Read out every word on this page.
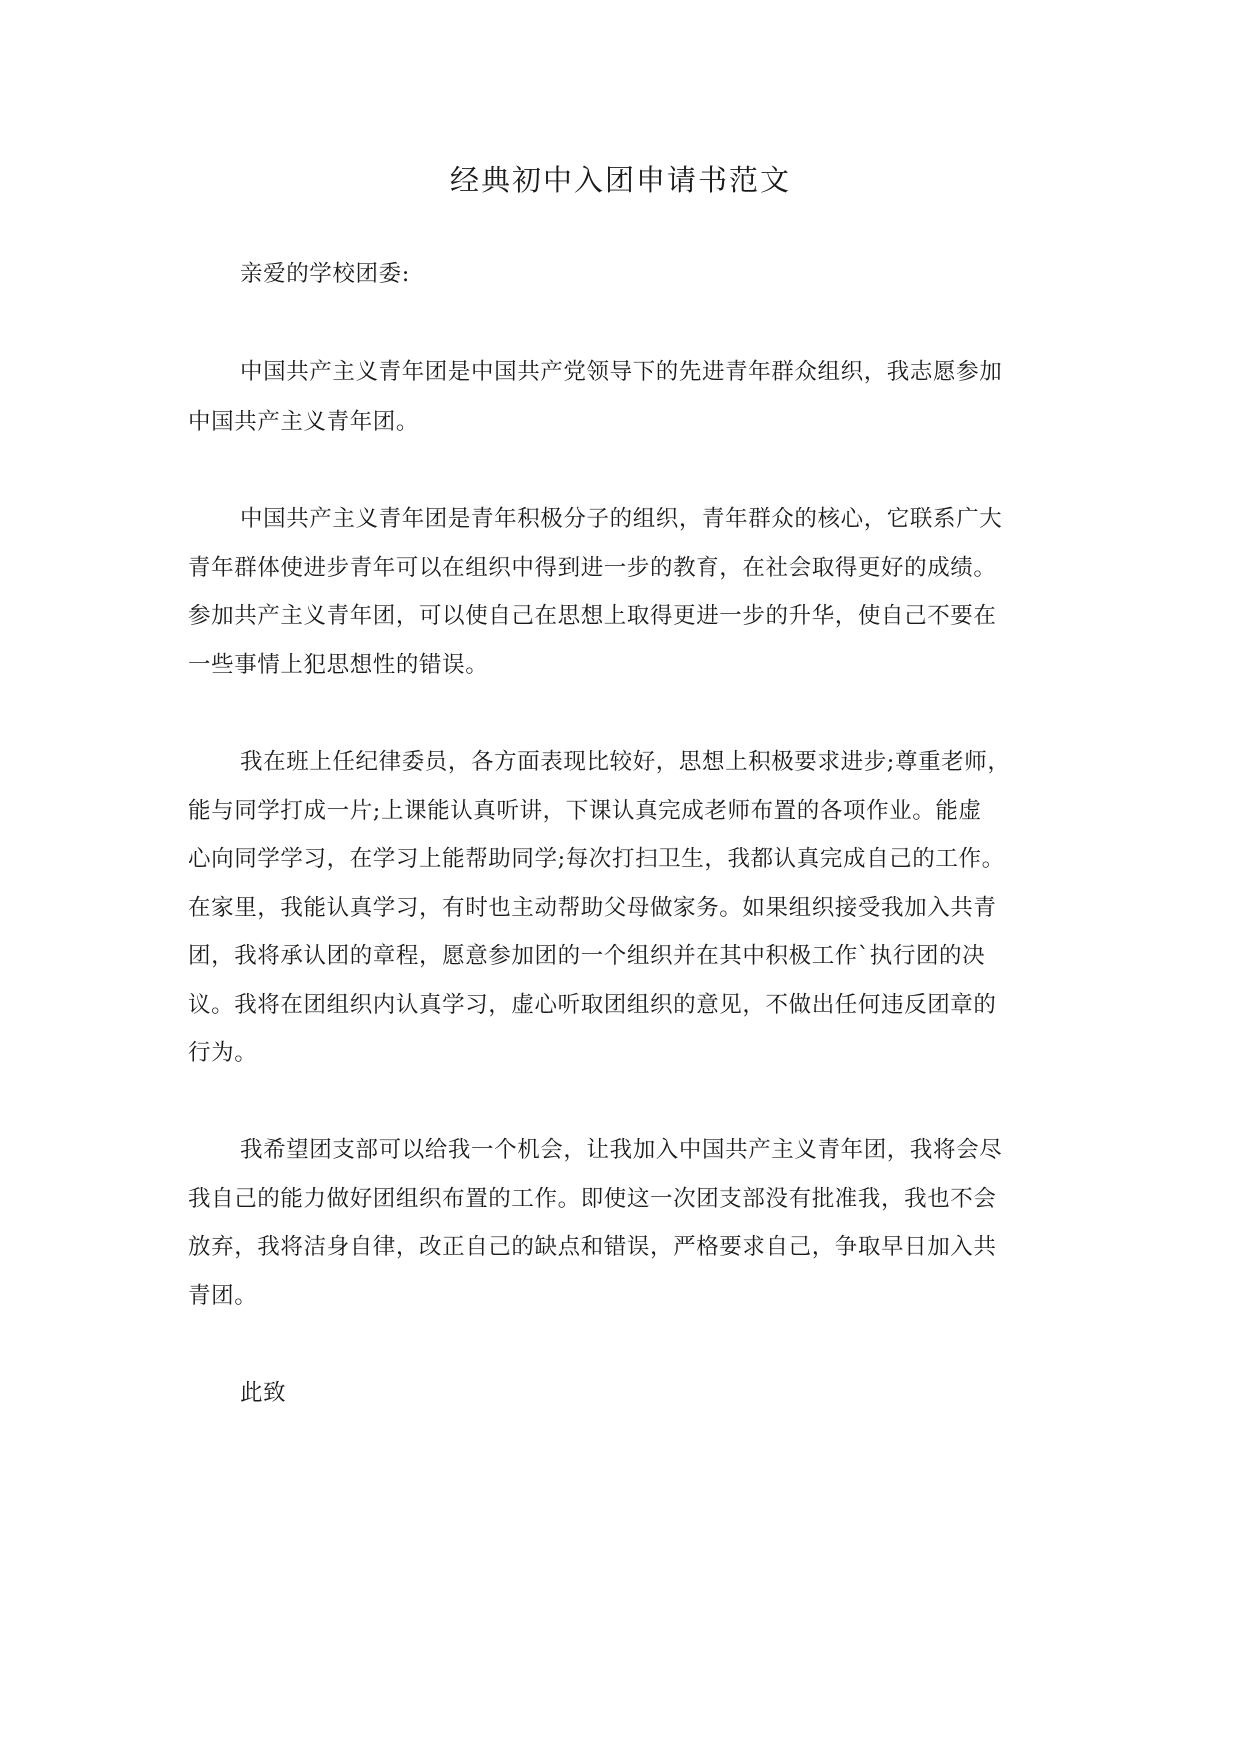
经典初中入团申请书范文
亲爱的学校团委:
中国共产主义青年团是中国共产党领导下的先进青年群众组织，我志愿参加
中国共产主义青年团。
中国共产主义青年团是青年积极分子的组织，青年群众的核心，它联系广大
青年群体使进步青年可以在组织中得到进一步的教育，在社会取得更好的成绩。
参加共产主义青年团，可以使自己在思想上取得更进一步的升华，使自己不要在
一些事情上犯思想性的错误。
我在班上任纪律委员，各方面表现比较好，思想上积极要求进步;尊重老师，
能与同学打成一片;上课能认真听讲，下课认真完成老师布置的各项作业。能虚
心向同学学习，在学习上能帮助同学;每次打扫卫生，我都认真完成自己的工作。
在家里，我能认真学习，有时也主动帮助父母做家务。如果组织接受我加入共青
团，我将承认团的章程，愿意参加团的一个组织并在其中积极工作`执行团的决
议。我将在团组织内认真学习，虚心听取团组织的意见，不做出任何违反团章的
行为。
我希望团支部可以给我一个机会，让我加入中国共产主义青年团，我将会尽
我自己的能力做好团组织布置的工作。即使这一次团支部没有批准我，我也不会
放弃，我将洁身自律，改正自己的缺点和错误，严格要求自己，争取早日加入共
青团。
此致
